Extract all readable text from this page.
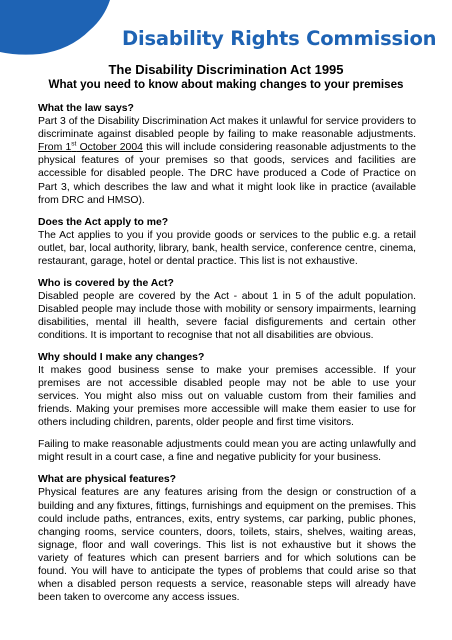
Disability Rights Commission
The Disability Discrimination Act 1995
What you need to know about making changes to your premises
What the law says?
Part 3 of the Disability Discrimination Act makes it unlawful for service providers to discriminate against disabled people by failing to make reasonable adjustments. From 1st October 2004 this will include considering reasonable adjustments to the physical features of your premises so that goods, services and facilities are accessible for disabled people. The DRC have produced a Code of Practice on Part 3, which describes the law and what it might look like in practice (available from DRC and HMSO).
Does the Act apply to me?
The Act applies to you if you provide goods or services to the public e.g. a retail outlet, bar, local authority, library, bank, health service, conference centre, cinema, restaurant, garage, hotel or dental practice. This list is not exhaustive.
Who is covered by the Act?
Disabled people are covered by the Act - about 1 in 5 of the adult population. Disabled people may include those with mobility or sensory impairments, learning disabilities, mental ill health, severe facial disfigurements and certain other conditions. It is important to recognise that not all disabilities are obvious.
Why should I make any changes?
It makes good business sense to make your premises accessible. If your premises are not accessible disabled people may not be able to use your services. You might also miss out on valuable custom from their families and friends. Making your premises more accessible will make them easier to use for others including children, parents, older people and first time visitors.
Failing to make reasonable adjustments could mean you are acting unlawfully and might result in a court case, a fine and negative publicity for your business.
What are physical features?
Physical features are any features arising from the design or construction of a building and any fixtures, fittings, furnishings and equipment on the premises. This could include paths, entrances, exits, entry systems, car parking, public phones, changing rooms, service counters, doors, toilets, stairs, shelves, waiting areas, signage, floor and wall coverings. This list is not exhaustive but it shows the variety of features which can present barriers and for which solutions can be found. You will have to anticipate the types of problems that could arise so that when a disabled person requests a service, reasonable steps will already have been taken to overcome any access issues.
